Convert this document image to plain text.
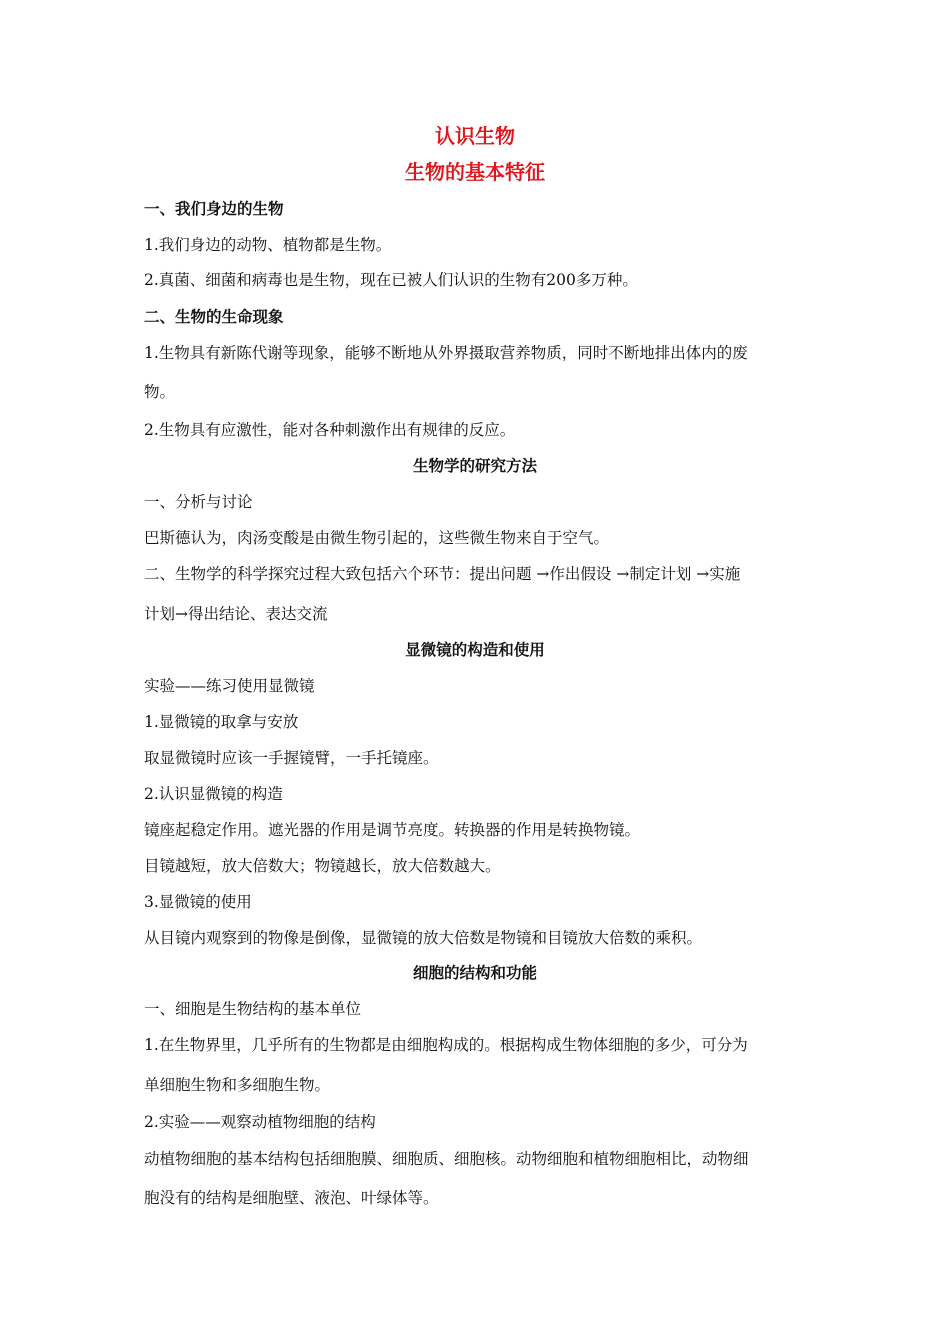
认识生物
生物的基本特征
一、我们身边的生物
1.我们身边的动物、植物都是生物。
2.真菌、细菌和病毒也是生物，现在已被人们认识的生物有200多万种。
二、生物的生命现象
1.生物具有新陈代谢等现象，能够不断地从外界摄取营养物质，同时不断地排出体内的废
物。
2.生物具有应激性，能对各种刺激作出有规律的反应。
生物学的研究方法
一、分析与讨论
巴斯德认为，肉汤变酸是由微生物引起的，这些微生物来自于空气。
二、生物学的科学探究过程大致包括六个环节：提出问题 →作出假设 →制定计划 →实施
计划→得出结论、表达交流
显微镜的构造和使用
实验——练习使用显微镜
1.显微镜的取拿与安放
取显微镜时应该一手握镜臂，一手托镜座。
2.认识显微镜的构造
镜座起稳定作用。遮光器的作用是调节亮度。转换器的作用是转换物镜。
目镜越短，放大倍数大；物镜越长，放大倍数越大。
3.显微镜的使用
从目镜内观察到的物像是倒像，显微镜的放大倍数是物镜和目镜放大倍数的乘积。
细胞的结构和功能
一、细胞是生物结构的基本单位
1.在生物界里，几乎所有的生物都是由细胞构成的。根据构成生物体细胞的多少，可分为
单细胞生物和多细胞生物。
2.实验——观察动植物细胞的结构
动植物细胞的基本结构包括细胞膜、细胞质、细胞核。动物细胞和植物细胞相比，动物细
胞没有的结构是细胞壁、液泡、叶绿体等。
